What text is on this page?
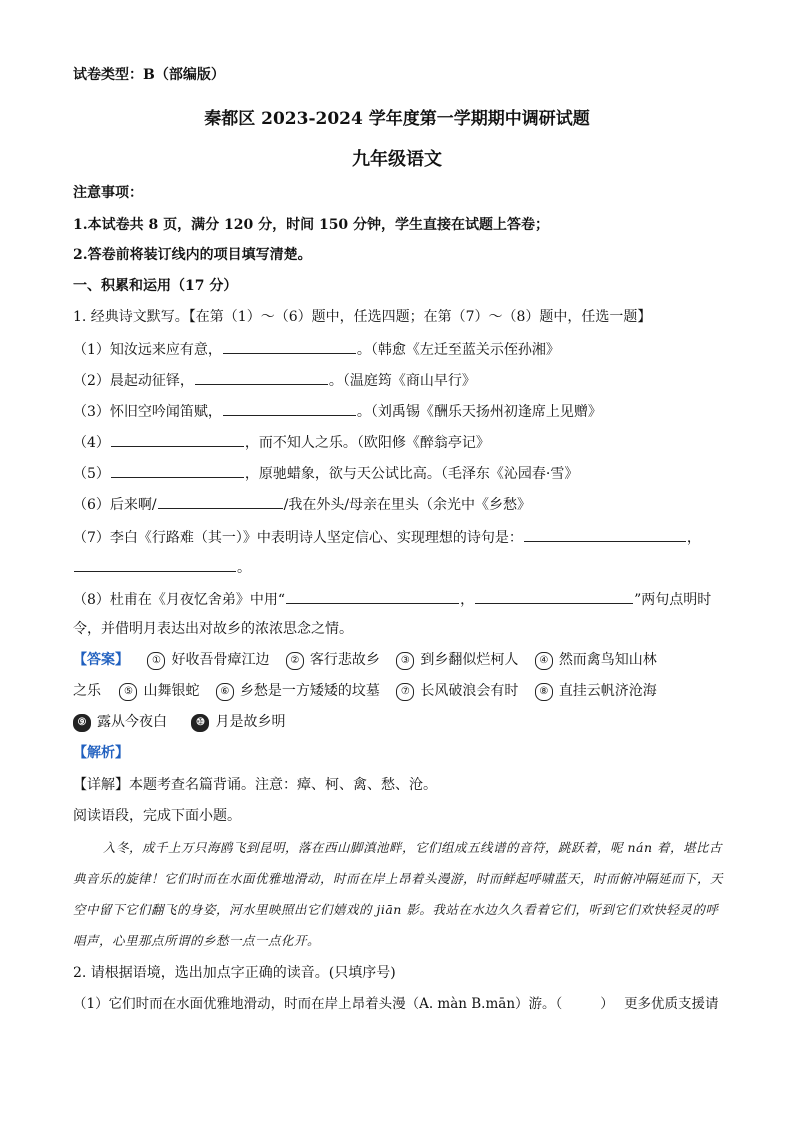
试卷类型：B（部编版）
秦都区 2023-2024 学年度第一学期期中调研试题
九年级语文
注意事项：
1.本试卷共 8 页，满分 120 分，时间 150 分钟，学生直接在试题上答卷；
2.答卷前将装订线内的项目填写清楚。
一、积累和运用（17 分）
1. 经典诗文默写。【在第（1）～（6）题中，任选四题；在第（7）～（8）题中，任选一题】
（1）知汝远来应有意，	。（韩愈《左迁至蓝关示侄孙湘》
（2）晨起动征铎，	。（温庭筠《商山早行》
（3）怀旧空吟闻笛赋，	。（刘禹锡《酬乐天扬州初逢席上见赠》
（4）	，而不知人之乐。（欧阳修《醉翁亭记》
（5）	，原驰蜡象，欲与天公试比高。（毛泽东《沁园春·雪》
（6）后来啊/	/我在外头/母亲在里头（余光中《乡愁》
（7）李白《行路难（其一）》中表明诗人坚定信心、实现理想的诗句是：	，
。
（8）杜甫在《月夜忆舍弟》中用“	，	”两句点明时
令，并借明月表达出对故乡的浓浓思念之情。
【答案】 ① 好收吾骨瘴江边 ② 客行悲故乡 ③ 到乡翻似烂柯人 ④ 然而禽鸟知山林
之乐 ⑤ 山舞银蛇 ⑥ 乡愁是一方矮矮的坟墓 ⑦ 长风破浪会有时 ⑧ 直挂云帆济沧海
⑨ 露从今夜白	⑩ 月是故乡明
【解析】
【详解】本题考查名篇背诵。注意：瘴、柯、禽、愁、沧。
阅读语段，完成下面小题。
入冬，成千上万只海鸥飞到昆明，落在西山脚滇池畔，它们组成五线谱的音符，跳跃着，呢 nán 着，堪比古典音乐的旋律！它们时而在水面优雅地滑动，时而在岸上昂着头漫游，时而鲜起呼啸蓝天，时而俯冲隔延而下，天空中留下它们翻飞的身姿，河水里映照出它们嬉戏的 jiān 影。我站在水边久久看着它们，听到它们欢快轻灵的呼唱声，心里那点所谓的乡愁一点一点化开。
2. 请根据语境，选出加点字正确的读音。(只填序号)
（1）它们时而在水面优雅地滑动，时而在岸上昂着头漫（A. màn B.mān）游。（	） 更多优质支援请
